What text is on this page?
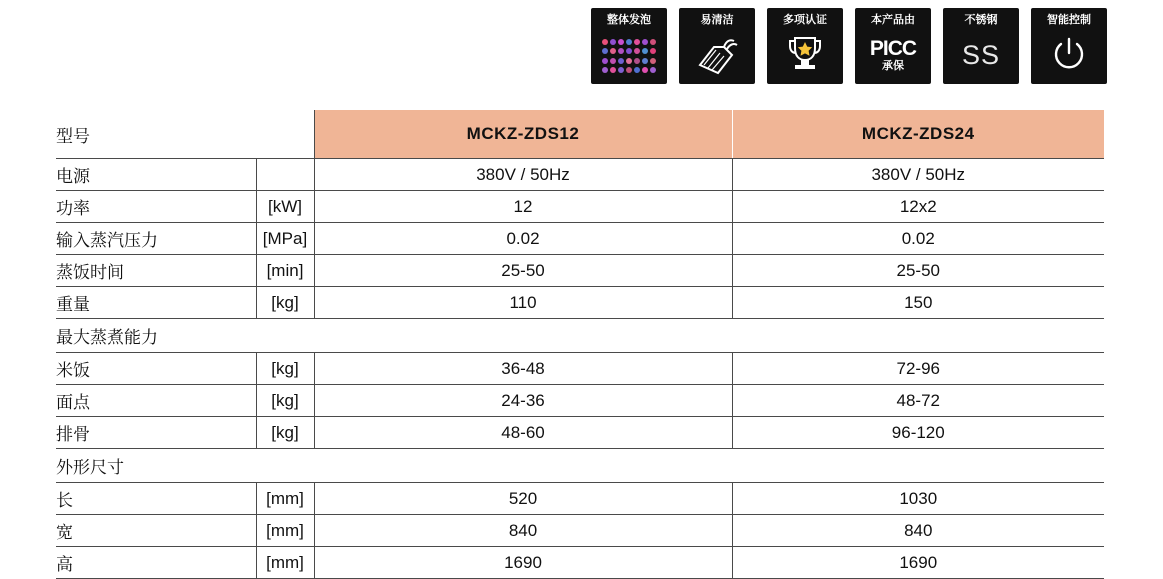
整体发泡	易清洁	多项认证	本产品由
PICC
承保
不锈钢
SS
智能控制
型号		MCKZ-ZDS12	MCKZ-ZDS24
电源		380V / 50Hz	380V / 50Hz
功率	[kW]	12	12x2
输入蒸汽压力	[MPa]	0.02	0.02
蒸饭时间	[min]	25-50	25-50
重量	[kg]	110	150
最大蒸煮能力			
米饭	[kg]	36-48	72-96
面点	[kg]	24-36	48-72
排骨	[kg]	48-60	96-120
外形尺寸			
长	[mm]	520	1030
宽	[mm]	840	840
高	[mm]	1690	1690
